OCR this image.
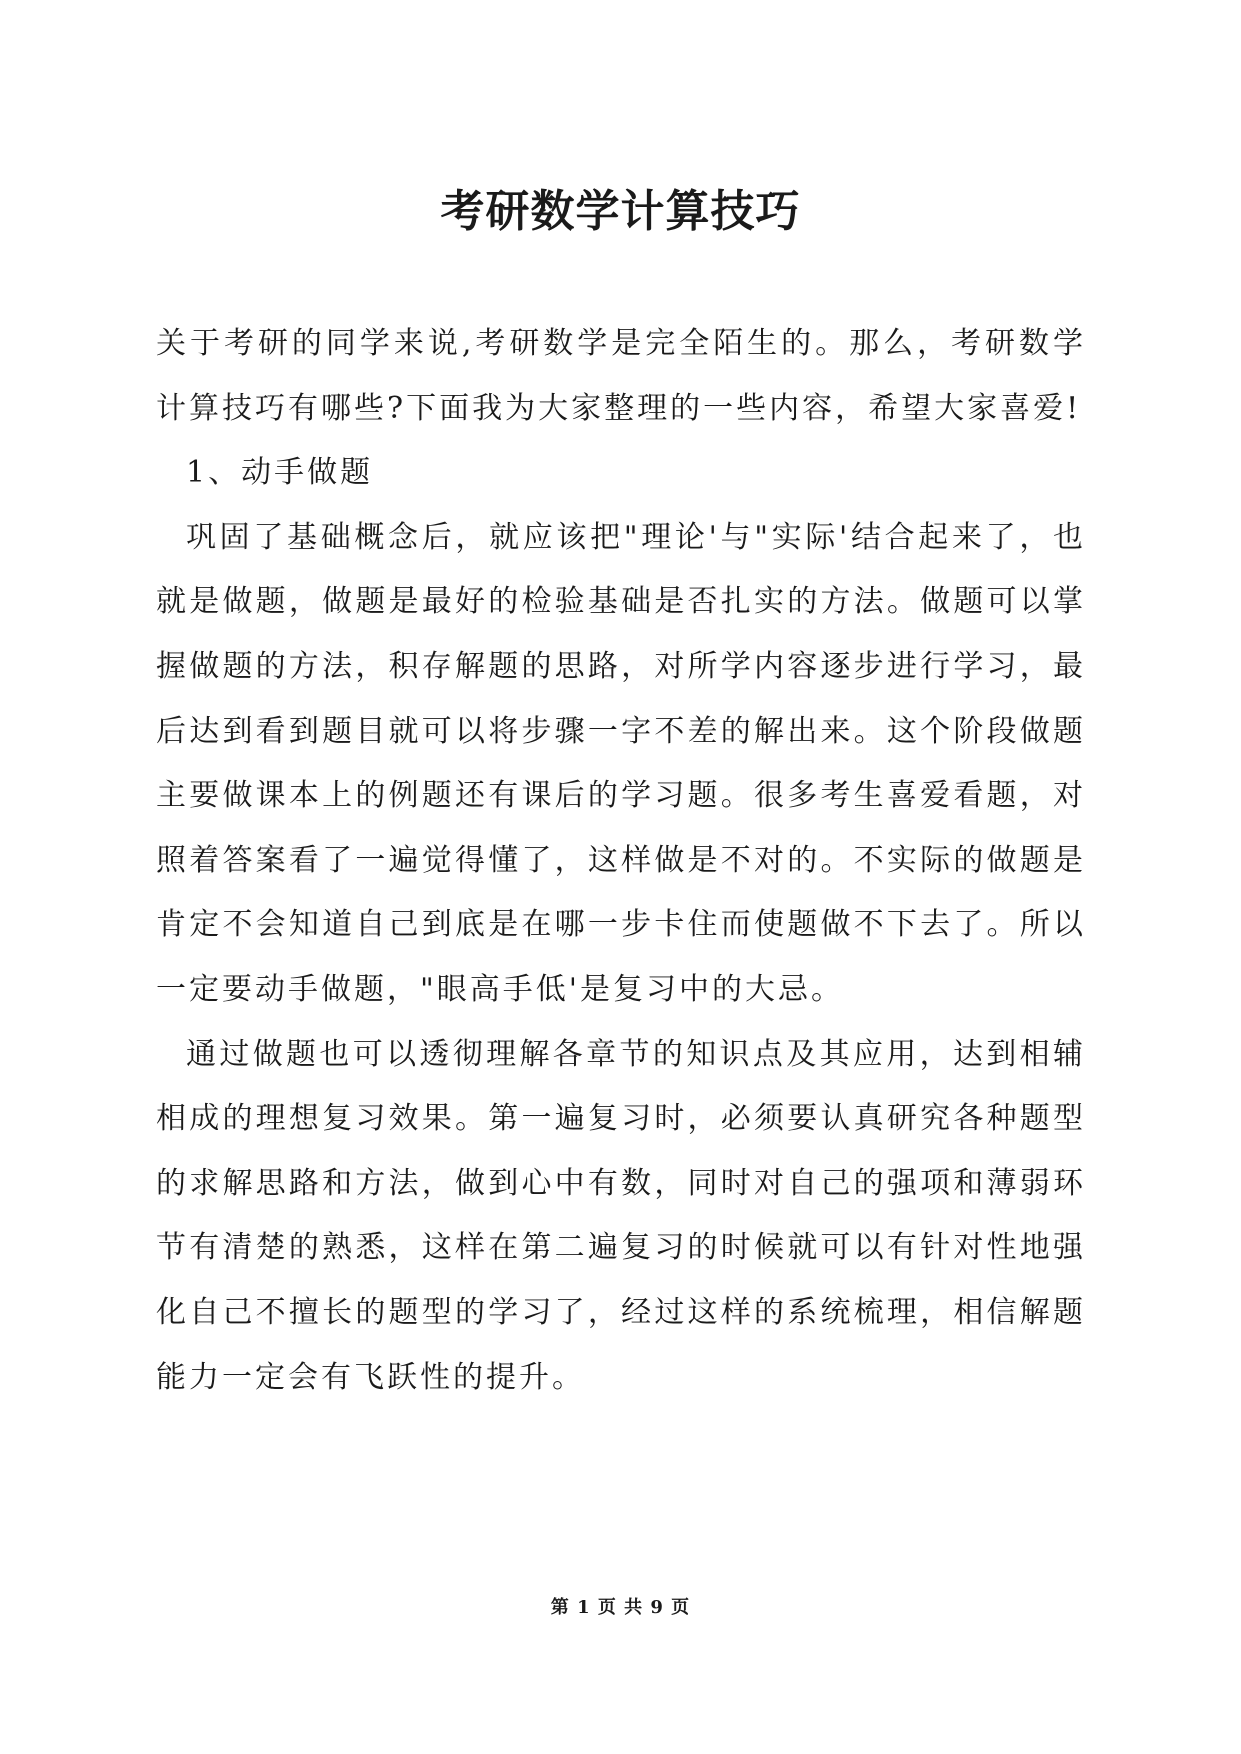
考研数学计算技巧

关于考研的同学来说,考研数学是完全陌生的。那么，考研数学计算技巧有哪些?下面我为大家整理的一些内容，希望大家喜爱!

1、动手做题

巩固了基础概念后，就应该把"理论'与"实际'结合起来了，也就是做题，做题是最好的检验基础是否扎实的方法。做题可以掌握做题的方法，积存解题的思路，对所学内容逐步进行学习，最后达到看到题目就可以将步骤一字不差的解出来。这个阶段做题主要做课本上的例题还有课后的学习题。很多考生喜爱看题，对照着答案看了一遍觉得懂了，这样做是不对的。不实际的做题是肯定不会知道自己到底是在哪一步卡住而使题做不下去了。所以一定要动手做题，"眼高手低'是复习中的大忌。

通过做题也可以透彻理解各章节的知识点及其应用，达到相辅相成的理想复习效果。第一遍复习时，必须要认真研究各种题型的求解思路和方法，做到心中有数，同时对自己的强项和薄弱环节有清楚的熟悉，这样在第二遍复习的时候就可以有针对性地强化自己不擅长的题型的学习了，经过这样的系统梳理，相信解题能力一定会有飞跃性的提升。

第 1 页 共 9 页
